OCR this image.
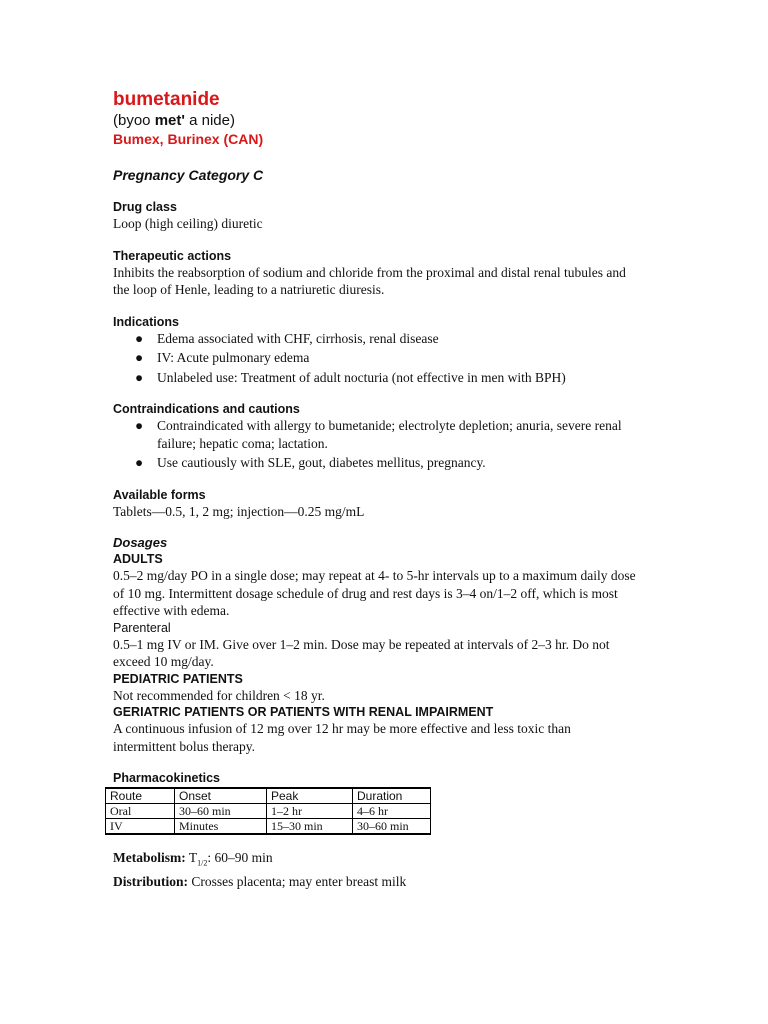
bumetanide
(byoo met' a nide)
Bumex, Burinex (CAN)
Pregnancy Category C
Drug class
Loop (high ceiling) diuretic
Therapeutic actions
Inhibits the reabsorption of sodium and chloride from the proximal and distal renal tubules and the loop of Henle, leading to a natriuretic diuresis.
Indications
● Edema associated with CHF, cirrhosis, renal disease
● IV: Acute pulmonary edema
● Unlabeled use: Treatment of adult nocturia (not effective in men with BPH)
Contraindications and cautions
● Contraindicated with allergy to bumetanide; electrolyte depletion; anuria, severe renal failure; hepatic coma; lactation.
● Use cautiously with SLE, gout, diabetes mellitus, pregnancy.
Available forms
Tablets—0.5, 1, 2 mg; injection—0.25 mg/mL
Dosages
ADULTS
0.5–2 mg/day PO in a single dose; may repeat at 4- to 5-hr intervals up to a maximum daily dose of 10 mg. Intermittent dosage schedule of drug and rest days is 3–4 on/1–2 off, which is most effective with edema.
Parenteral
0.5–1 mg IV or IM. Give over 1–2 min. Dose may be repeated at intervals of 2–3 hr. Do not exceed 10 mg/day.
PEDIATRIC PATIENTS
Not recommended for children < 18 yr.
GERIATRIC PATIENTS OR PATIENTS WITH RENAL IMPAIRMENT
A continuous infusion of 12 mg over 12 hr may be more effective and less toxic than intermittent bolus therapy.
Pharmacokinetics
Route	Onset	Peak	Duration
Oral	30–60 min	1–2 hr	4–6 hr
IV	Minutes	15–30 min	30–60 min
Metabolism: $T_{1/2}$: 60–90 min
Distribution: Crosses placenta; may enter breast milk
